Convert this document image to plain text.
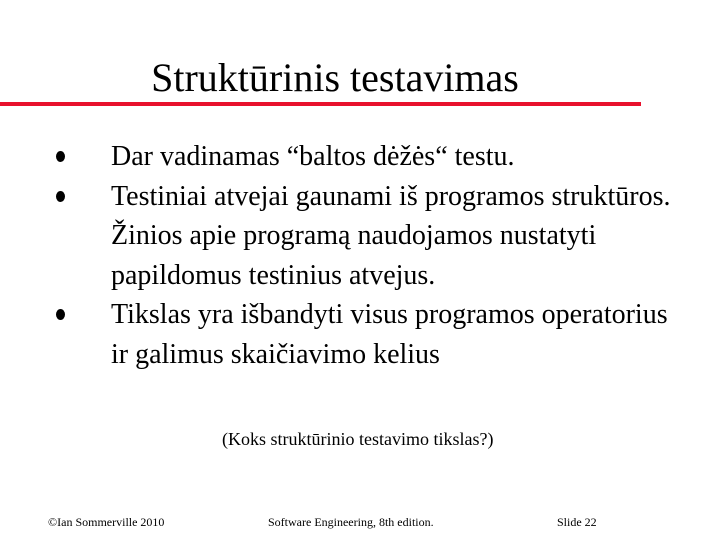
Struktūrinis testavimas
Dar vadinamas “baltos dėžės“ testu.
Testiniai atvejai gaunami iš programos struktūros. Žinios apie programą naudojamos nustatyti papildomus testinius atvejus.
Tikslas yra išbandyti visus programos operatorius ir galimus skaičiavimo kelius
(Koks struktūrinio testavimo tikslas?)
©Ian Sommerville 2010	Software Engineering, 8th edition.	Slide 22
